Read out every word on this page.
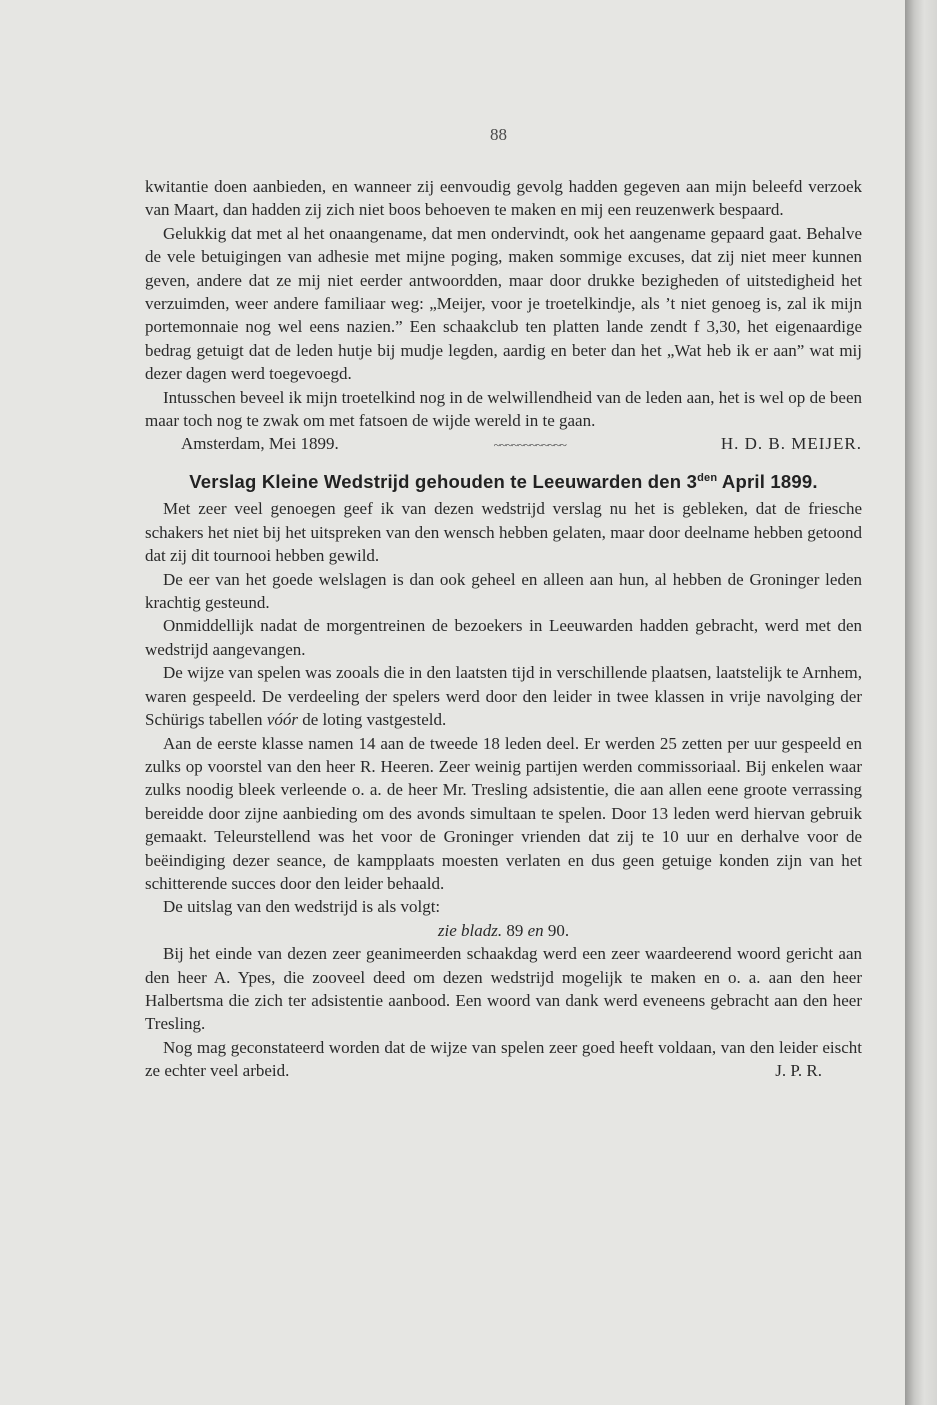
88

kwitantie doen aanbieden, en wanneer zij eenvoudig gevolg hadden gegeven aan mijn beleefd verzoek van Maart, dan hadden zij zich niet boos behoeven te maken en mij een reuzenwerk bespaard.

Gelukkig dat met al het onaangename, dat men ondervindt, ook het aangename gepaard gaat. Behalve de vele betuigingen van adhesie met mijne poging, maken sommige excuses, dat zij niet meer kunnen geven, andere dat ze mij niet eerder antwoordden, maar door drukke bezigheden of uitstedigheid het verzuimden, weer andere familiaar weg: „Meijer, voor je troetelkindje, als ’t niet genoeg is, zal ik mijn portemonnaie nog wel eens nazien.” Een schaakclub ten platten lande zendt f 3,30, het eigenaardige bedrag getuigt dat de leden hutje bij mudje legden, aardig en beter dan het „Wat heb ik er aan” wat mij dezer dagen werd toegevoegd.

Intusschen beveel ik mijn troetelkind nog in de welwillendheid van de leden aan, het is wel op de been maar toch nog te zwak om met fatsoen de wijde wereld in te gaan.

Amsterdam, Mei 1899.	~~~~~~~~~~~~	H. D. B. MEIJER.
Verslag Kleine Wedstrijd gehouden te Leeuwarden den $3^{den}$ April 1899.

Met zeer veel genoegen geef ik van dezen wedstrijd verslag nu het is gebleken, dat de friesche schakers het niet bij het uitspreken van den wensch hebben gelaten, maar door deelname hebben getoond dat zij dit tournooi hebben gewild.

De eer van het goede welslagen is dan ook geheel en alleen aan hun, al hebben de Groninger leden krachtig gesteund.

Onmiddellijk nadat de morgentreinen de bezoekers in Leeuwarden hadden gebracht, werd met den wedstrijd aangevangen.

De wijze van spelen was zooals die in den laatsten tijd in verschillende plaatsen, laatstelijk te Arnhem, waren gespeeld. De verdeeling der spelers werd door den leider in twee klassen in vrije navolging der Schürigs tabellen vóór de loting vastgesteld.

Aan de eerste klasse namen 14 aan de tweede 18 leden deel. Er werden 25 zetten per uur gespeeld en zulks op voorstel van den heer R. Heeren. Zeer weinig partijen werden commissoriaal. Bij enkelen waar zulks noodig bleek verleende o. a. de heer Mr. Tresling adsistentie, die aan allen eene groote verrassing bereidde door zijne aanbieding om des avonds simultaan te spelen. Door 13 leden werd hiervan gebruik gemaakt. Teleurstellend was het voor de Groninger vrienden dat zij te 10 uur en derhalve voor de beëindiging dezer seance, de kampplaats moesten verlaten en dus geen getuige konden zijn van het schitterende succes door den leider behaald.

De uitslag van den wedstrijd is als volgt:

zie bladz. 89 en 90.

Bij het einde van dezen zeer geanimeerden schaakdag werd een zeer waardeerend woord gericht aan den heer A. Ypes, die zooveel deed om dezen wedstrijd mogelijk te maken en o. a. aan den heer Halbertsma die zich ter adsistentie aanbood. Een woord van dank werd eveneens gebracht aan den heer Tresling.

Nog mag geconstateerd worden dat de wijze van spelen zeer goed heeft voldaan, van den leider eischt ze echter veel arbeid.	J. P. R.
